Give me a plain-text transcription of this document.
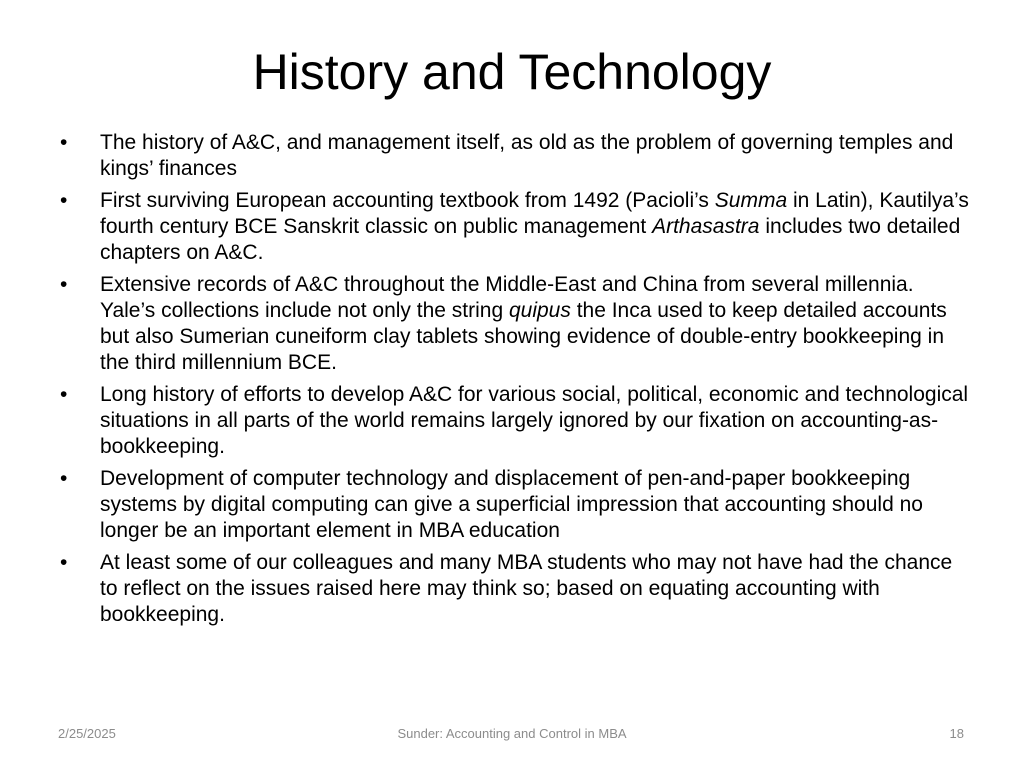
History and Technology
• The history of A&C, and management itself, as old as the problem of governing temples and kings’ finances
• First surviving European accounting textbook from 1492 (Pacioli’s Summa in Latin), Kautilya’s fourth century BCE Sanskrit classic on public management Arthasastra includes two detailed chapters on A&C.
• Extensive records of A&C throughout the Middle-East and China from several millennia. Yale’s collections include not only the string quipus the Inca used to keep detailed accounts but also Sumerian cuneiform clay tablets showing evidence of double-entry bookkeeping in the third millennium BCE.
• Long history of efforts to develop A&C for various social, political, economic and technological situations in all parts of the world remains largely ignored by our fixation on accounting-as-bookkeeping.
• Development of computer technology and displacement of pen-and-paper bookkeeping systems by digital computing can give a superficial impression that accounting should no longer be an important element in MBA education
• At least some of our colleagues and many MBA students who may not have had the chance to reflect on the issues raised here may think so; based on equating accounting with bookkeeping.
2/25/2025	Sunder: Accounting and Control in MBA	18
